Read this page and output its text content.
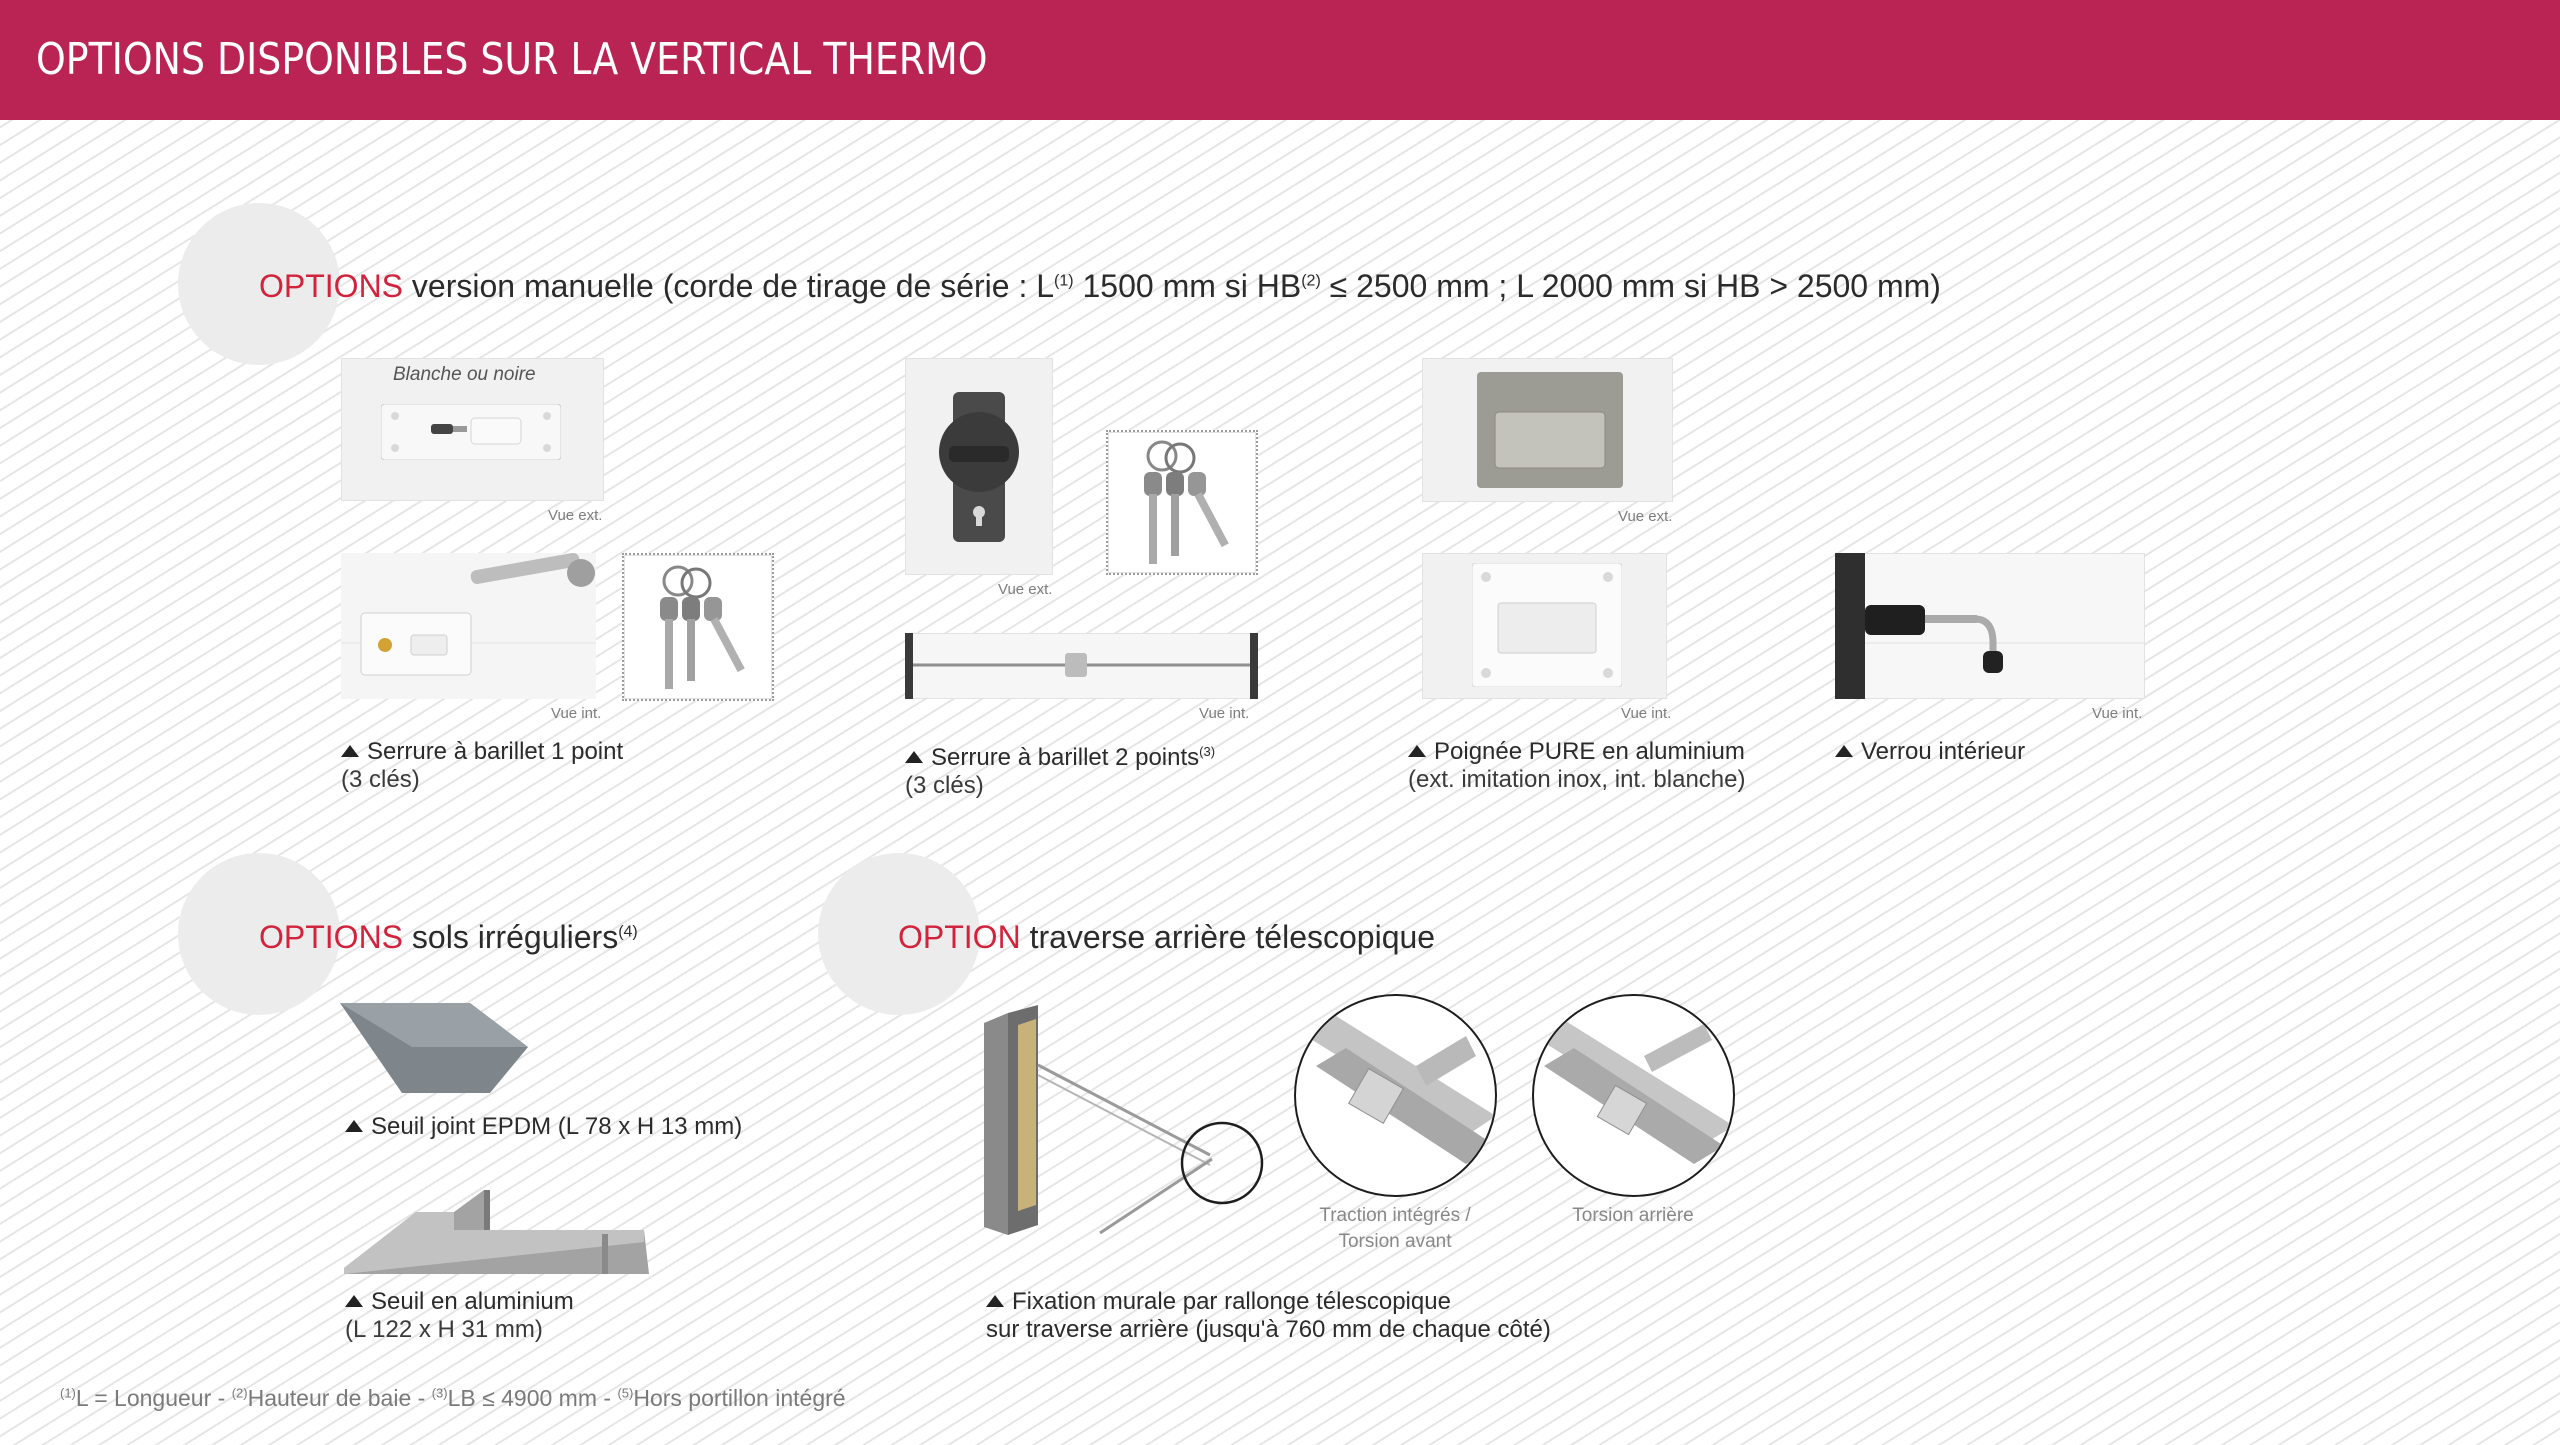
OPTIONS DISPONIBLES SUR LA VERTICAL THERMO
OPTIONS version manuelle (corde de tirage de série : $L^{(1)}$ 1500 mm si $HB^{(2)} \le 2500$ mm ; L 2000 mm si HB > 2500 mm)
Blanche ou noire
Vue ext.
Vue int.
Serrure à barillet 1 point
(3 clés)
Vue ext.
Vue int.
Serrure à barillet 2 points$^{(3)}$
(3 clés)
Vue ext.
Vue int.
Poignée PURE en aluminium
(ext. imitation inox, int. blanche)
Vue int.
Verrou intérieur
OPTIONS sols irréguliers$^{(4)}$
Seuil joint EPDM (L 78 x H 13 mm)
Seuil en aluminium
(L 122 x H 31 mm)
OPTION traverse arrière télescopique
Traction intégrés /
Torsion avant
Torsion arrière
Fixation murale par rallonge télescopique
sur traverse arrière (jusqu'à 760 mm de chaque côté)
$^{(1)}$L = Longueur - $^{(2)}$Hauteur de baie - $^{(3)}$LB ≤ 4900 mm - $^{(5)}$Hors portillon intégré
